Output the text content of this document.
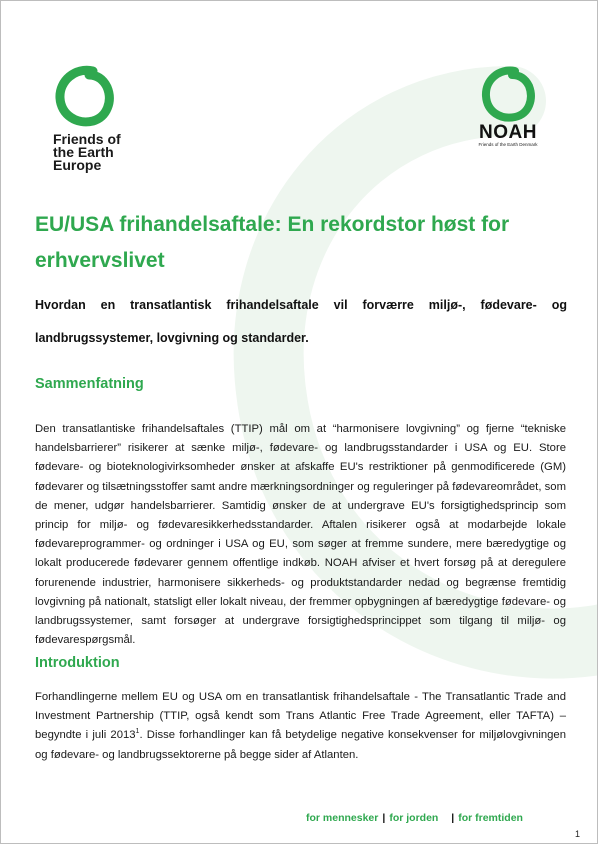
Friends of
the Earth
Europe
NOAH
Friends of the Earth Denmark
EU/USA frihandelsaftale: En rekordstor høst for erhvervslivet

Hvordan en transatlantisk frihandelsaftale vil forværre miljø-, fødevare- og landbrugssystemer, lovgivning og standarder.

Sammenfatning

Den transatlantiske frihandelsaftales (TTIP) mål om at “harmonisere lovgivning” og fjerne “tekniske handelsbarrierer” risikerer at sænke miljø-, fødevare- og landbrugsstandarder i USA og EU. Store fødevare- og bioteknologivirksomheder ønsker at afskaffe EU's restriktioner på genmodificerede (GM) fødevarer og tilsætningsstoffer samt andre mærkningsordninger og reguleringer på fødevareområdet, som de mener, udgør handelsbarrierer. Samtidig ønsker de at undergrave EU's forsigtighedsprincip som princip for miljø- og fødevaresikkerhedsstandarder. Aftalen risikerer også at modarbejde lokale fødevareprogrammer- og ordninger i USA og EU, som søger at fremme sundere, mere bæredygtige og lokalt producerede fødevarer gennem offentlige indkøb. NOAH afviser et hvert forsøg på at deregulere forurenende industrier, harmonisere sikkerheds- og produktstandarder nedad og begrænse fremtidig lovgivning på nationalt, statsligt eller lokalt niveau, der fremmer opbygningen af bæredygtige fødevare- og landbrugssystemer, samt forsøger at undergrave forsigtighedsprincippet som tilgang til miljø- og fødevarespørgsmål.

Introduktion

Forhandlingerne mellem EU og USA om en transatlantisk frihandelsaftale - The Transatlantic Trade and Investment Partnership (TTIP, også kendt som Trans Atlantic Free Trade Agreement, eller TAFTA) – begyndte i juli 2013$^1$. Disse forhandlinger kan få betydelige negative konsekvenser for miljølovgivningen og fødevare- og landbrugssektorerne på begge sider af Atlanten.

for mennesker | for jorden | for fremtiden
1
